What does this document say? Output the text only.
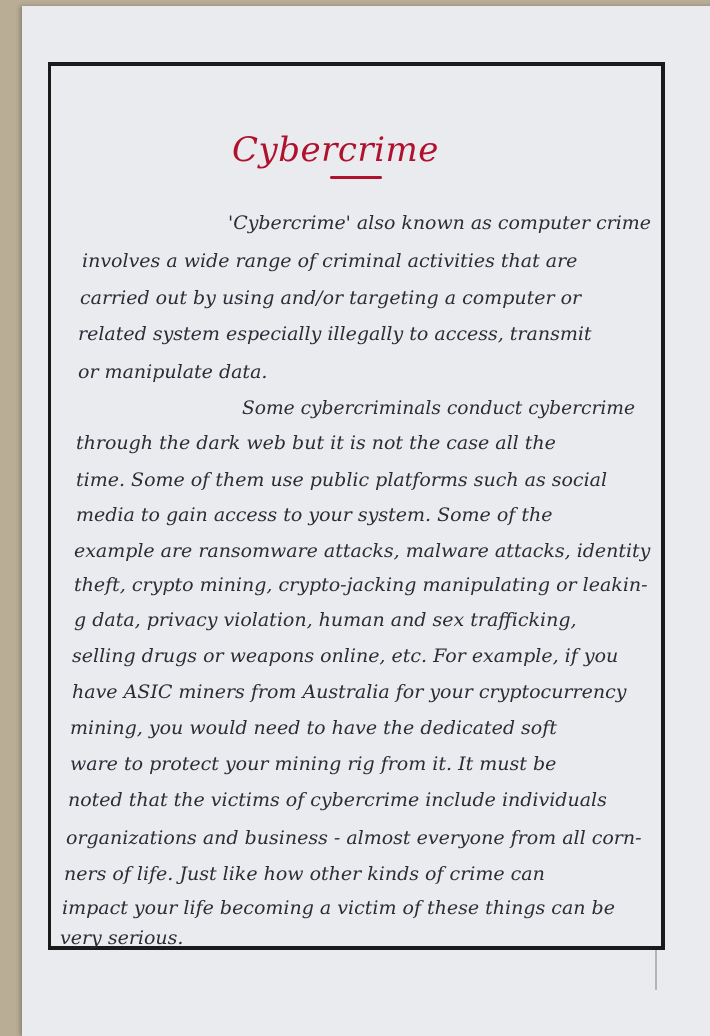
Cybercrime
'Cybercrime' also known as computer crime
involves a wide range of criminal activities that are
carried out by using and/or targeting a computer or
related system especially illegally to access, transmit
or manipulate data.
Some cybercriminals conduct cybercrime
through the dark web but it is not the case all the
time. Some of them use public platforms such as social
media to gain access to your system. Some of the
example are ransomware attacks, malware attacks, identity
theft, crypto mining, crypto-jacking manipulating or leakin-
g data, privacy violation, human and sex trafficking,
selling drugs or weapons online, etc. For example, if you
have ASIC miners from Australia for your cryptocurrency
mining, you would need to have the dedicated soft
ware to protect your mining rig from it. It must be
noted that the victims of cybercrime include individuals
organizations and business - almost everyone from all corn-
ners of life. Just like how other kinds of crime can
impact your life becoming a victim of these things can be
very serious.
